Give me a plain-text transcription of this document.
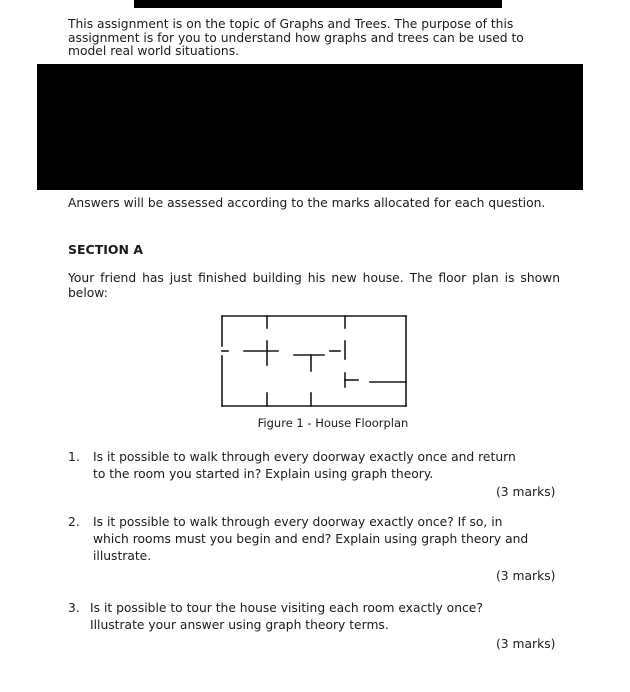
This assignment is on the topic of Graphs and Trees. The purpose of this
assignment is for you to understand how graphs and trees can be used to
model real world situations.
Answers will be assessed according to the marks allocated for each question.
SECTION A
Your friend has just finished building his new house. The floor plan is shown below:
Figure 1 - House Floorplan
1. Is it possible to walk through every doorway exactly once and return
to the room you started in? Explain using graph theory.
(3 marks)
2. Is it possible to walk through every doorway exactly once? If so, in
which rooms must you begin and end? Explain using graph theory and
illustrate.
(3 marks)
3. Is it possible to tour the house visiting each room exactly once?
Illustrate your answer using graph theory terms.
(3 marks)
